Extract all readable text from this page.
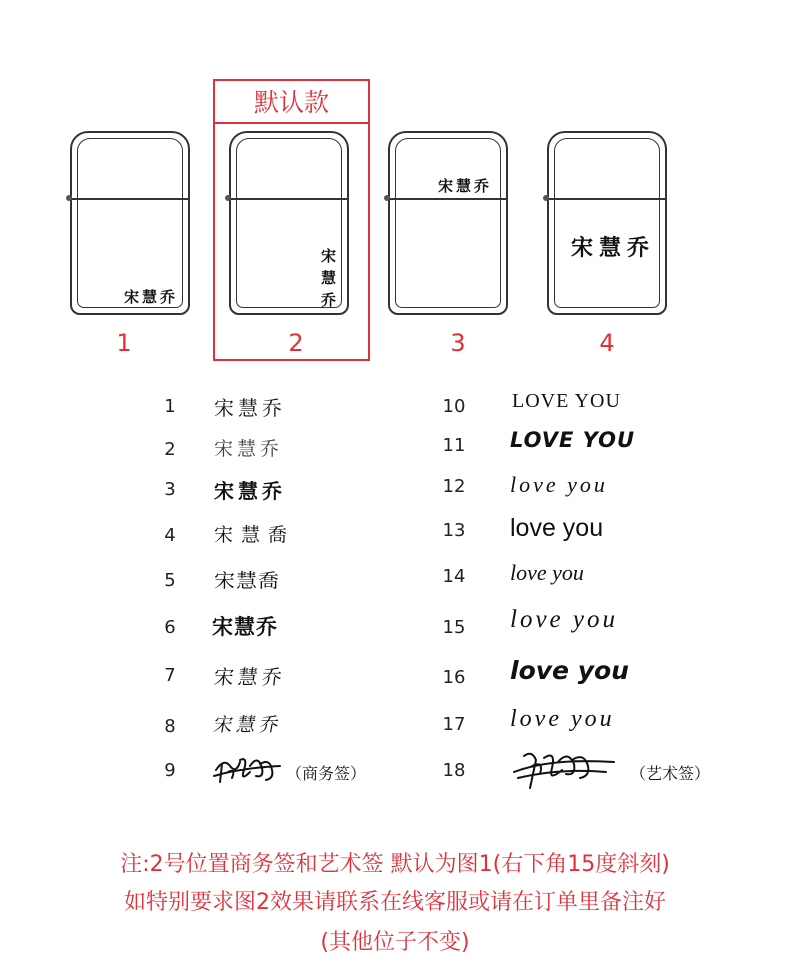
默认款
宋慧乔
1
宋
慧
乔
2
宋慧乔
3
宋慧乔
4
1	宋慧乔
2	宋慧乔
3	宋慧乔
4	宋慧喬
5	宋慧喬
6	宋慧乔
7	宋慧乔
8	宋慧乔
9	（商务签）
10	LOVE YOU
11	LOVE YOU
12	love you
13	love you
14	love you
15	love you
16	love you
17	love you
18	（艺术签）
注:2号位置商务签和艺术签 默认为图1(右下角15度斜刻)
如特别要求图2效果请联系在线客服或请在订单里备注好
(其他位子不变)
